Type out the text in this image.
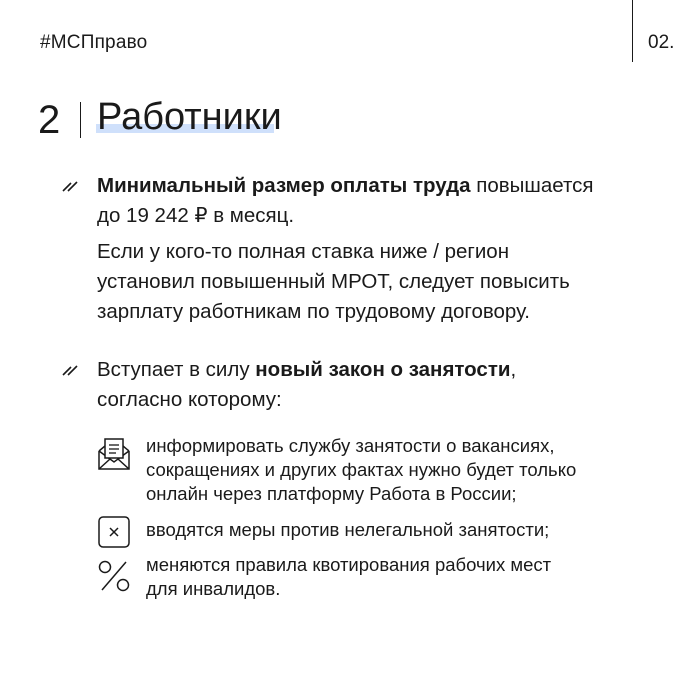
#МСПправо	02.
2 Работники
Минимальный размер оплаты труда повышается
до 19 242 ₽ в месяц.
Если у кого-то полная ставка ниже / регион
установил повышенный МРОТ, следует повысить
зарплату работникам по трудовому договору.
Вступает в силу новый закон о занятости,
согласно которому:
информировать службу занятости о вакансиях,
сокращениях и других фактах нужно будет только
онлайн через платформу Работа в России;
вводятся меры против нелегальной занятости;
меняются правила квотирования рабочих мест
для инвалидов.
